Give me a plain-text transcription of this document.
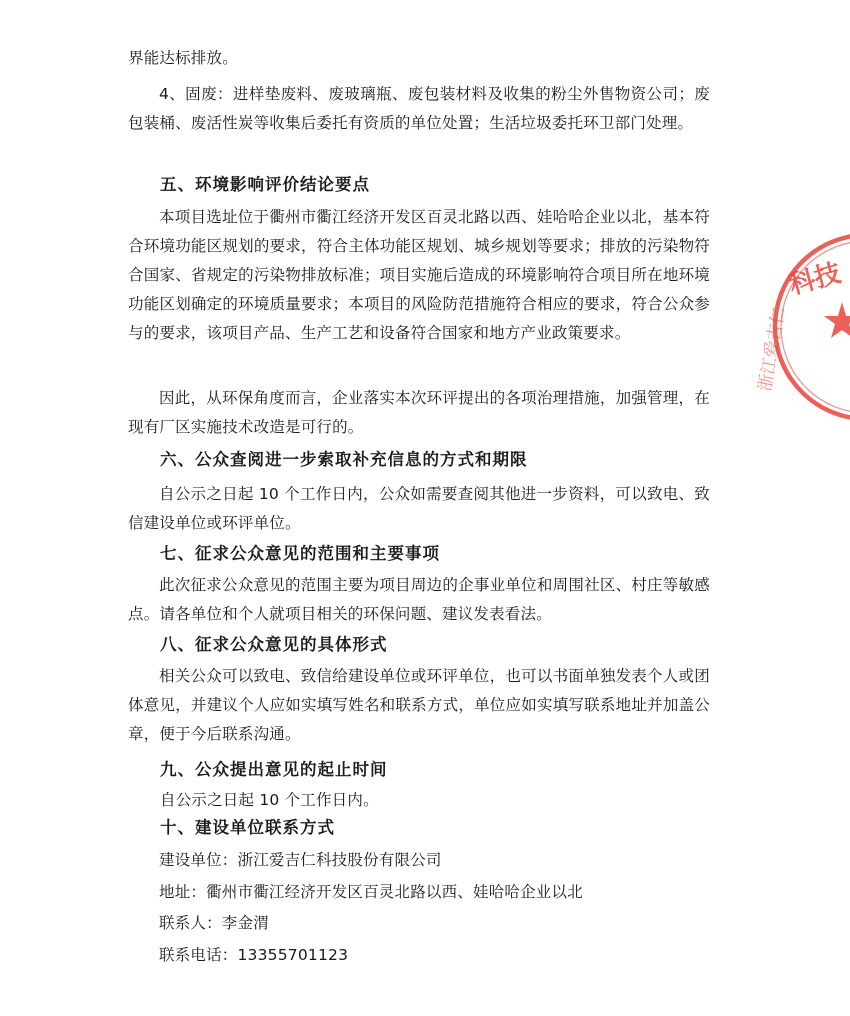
界能达标排放。
4、固废：进样垫废料、废玻璃瓶、废包装材料及收集的粉尘外售物资公司；废包装桶、废活性炭等收集后委托有资质的单位处置；生活垃圾委托环卫部门处理。
五、环境影响评价结论要点
本项目选址位于衢州市衢江经济开发区百灵北路以西、娃哈哈企业以北，基本符合环境功能区规划的要求，符合主体功能区规划、城乡规划等要求；排放的污染物符合国家、省规定的污染物排放标准；项目实施后造成的环境影响符合项目所在地环境功能区划确定的环境质量要求；本项目的风险防范措施符合相应的要求，符合公众参与的要求，该项目产品、生产工艺和设备符合国家和地方产业政策要求。
因此，从环保角度而言，企业落实本次环评提出的各项治理措施，加强管理，在现有厂区实施技术改造是可行的。
六、公众查阅进一步索取补充信息的方式和期限
自公示之日起 10 个工作日内，公众如需要查阅其他进一步资料，可以致电、致信建设单位或环评单位。
七、征求公众意见的范围和主要事项
此次征求公众意见的范围主要为项目周边的企事业单位和周围社区、村庄等敏感点。请各单位和个人就项目相关的环保问题、建议发表看法。
八、征求公众意见的具体形式
相关公众可以致电、致信给建设单位或环评单位，也可以书面单独发表个人或团体意见，并建议个人应如实填写姓名和联系方式，单位应如实填写联系地址并加盖公章，便于今后联系沟通。
九、公众提出意见的起止时间
自公示之日起 10 个工作日内。
十、建设单位联系方式
建设单位：浙江爱吉仁科技股份有限公司
地址：衢州市衢江经济开发区百灵北路以西、娃哈哈企业以北
联系人：李金渭
联系电话：13355701123
科技
浙江爱吉仁
